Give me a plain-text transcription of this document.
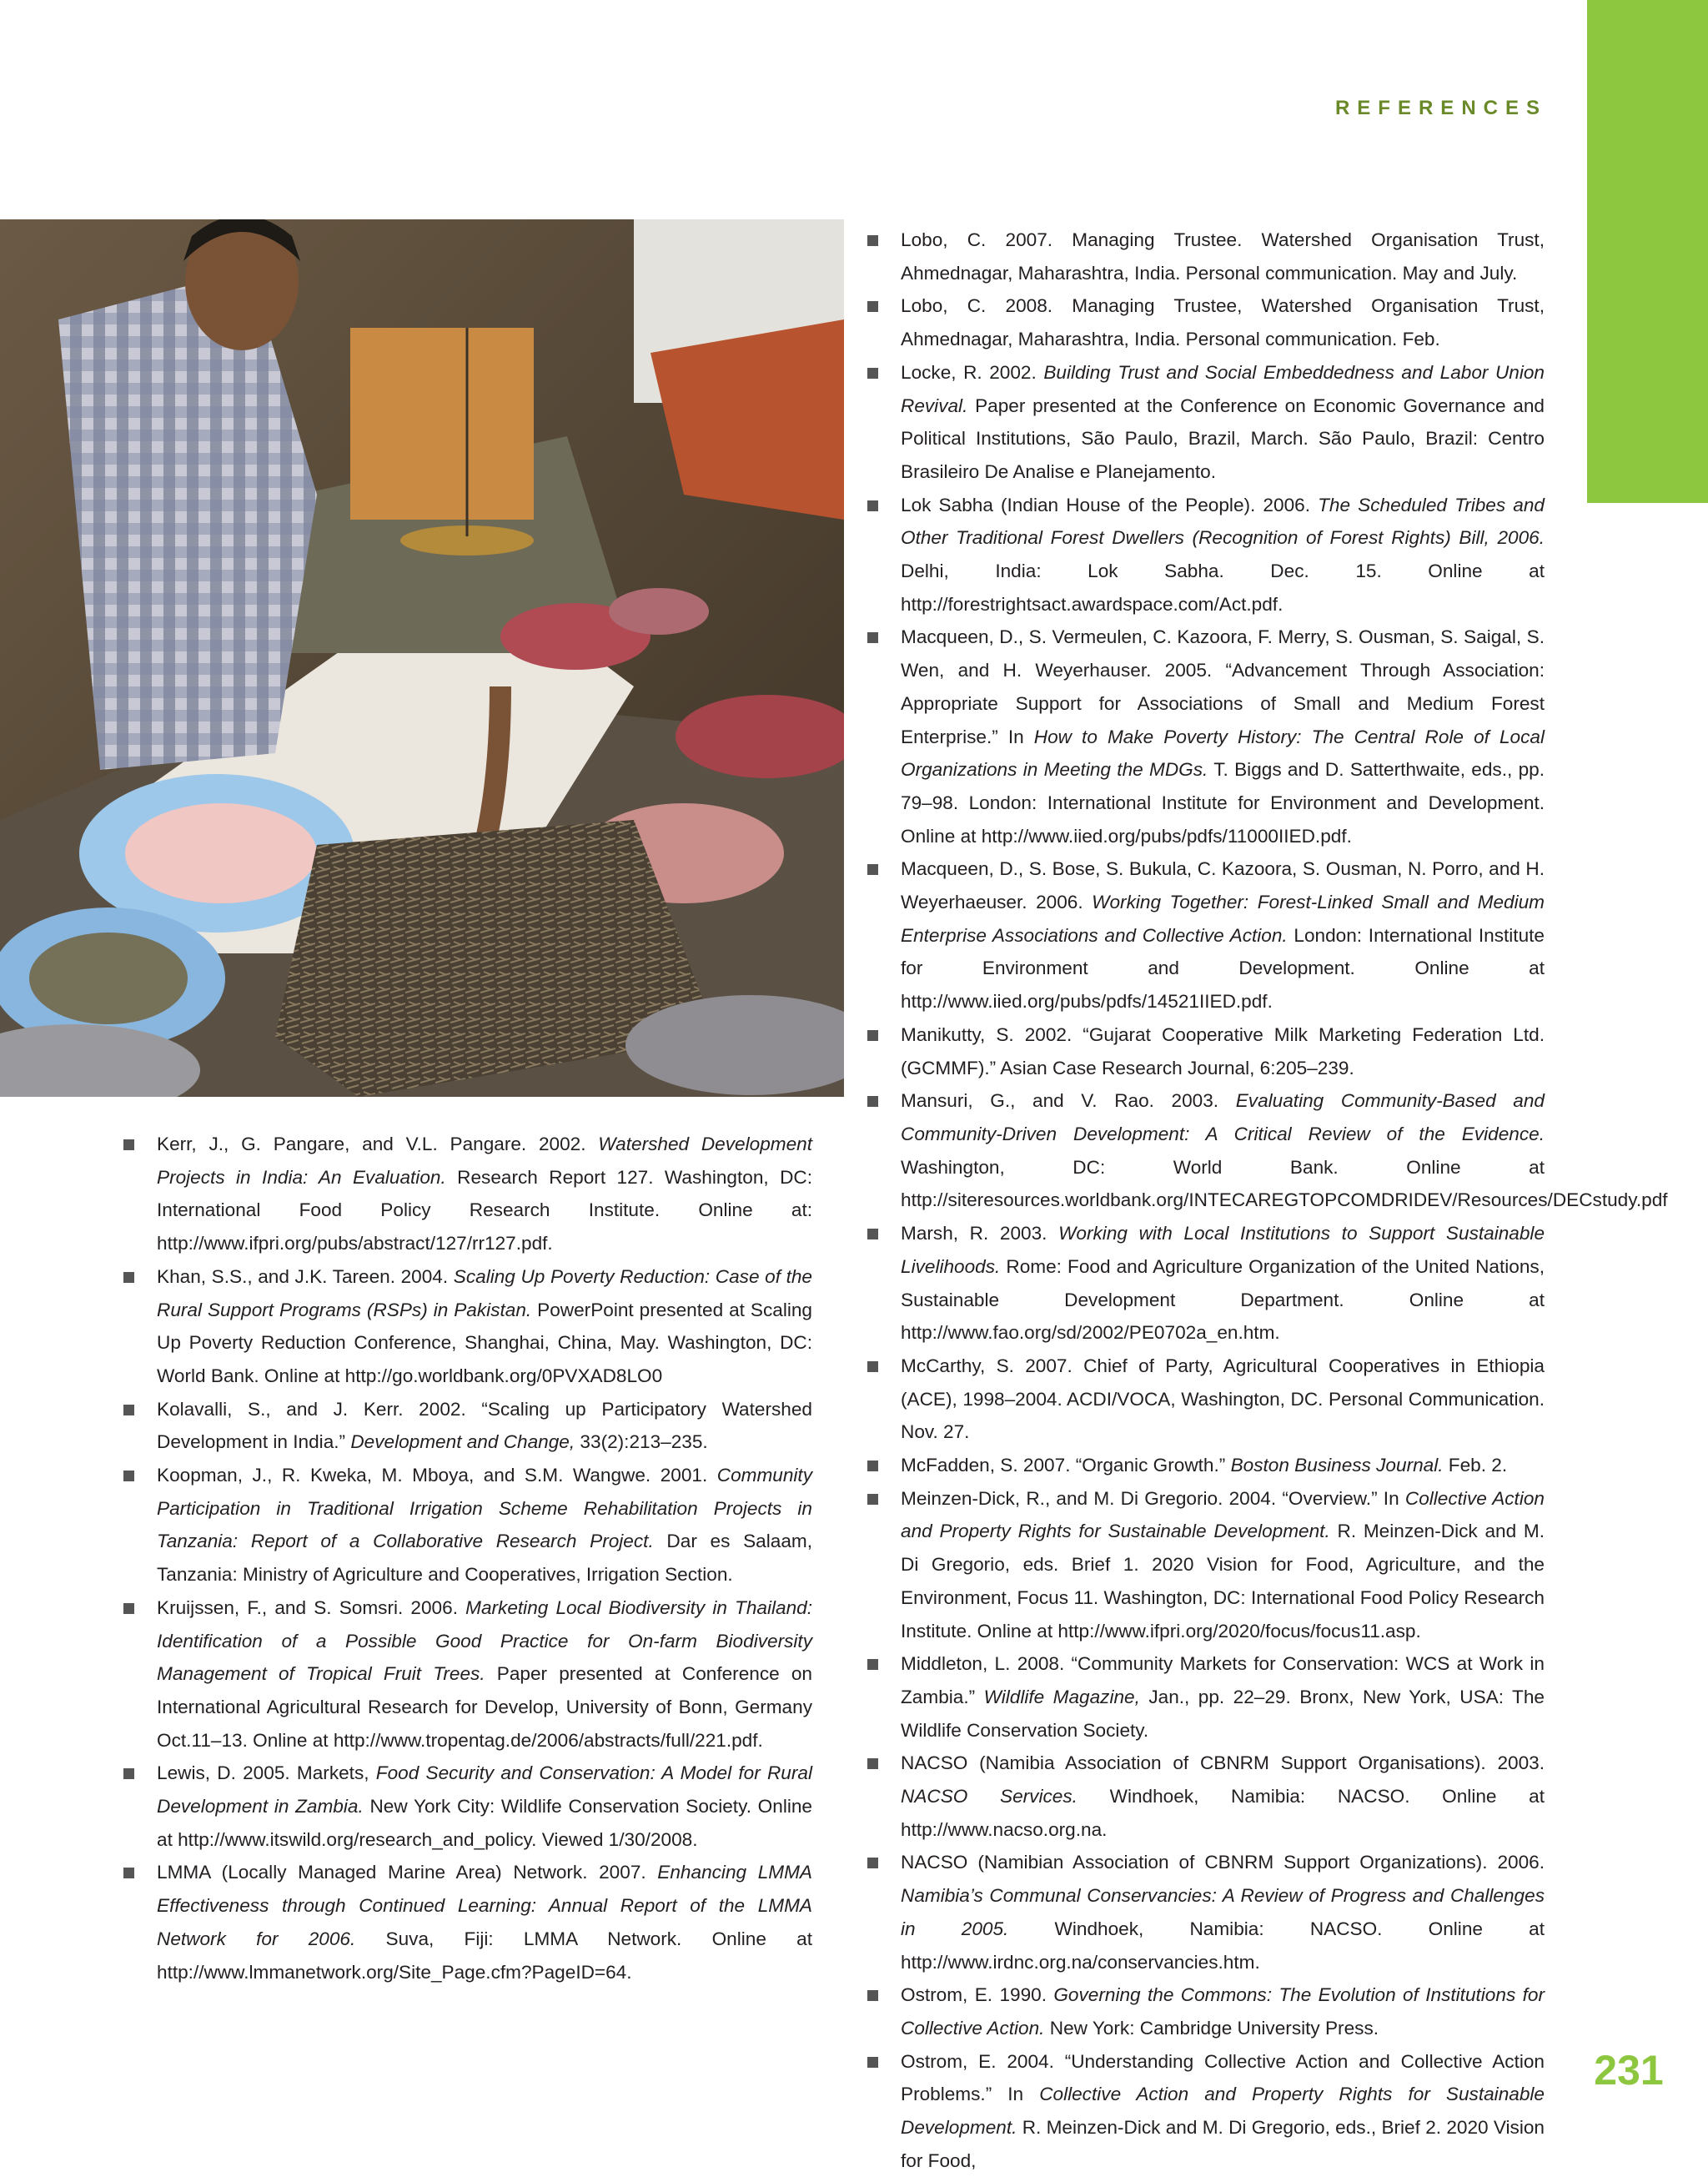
REFERENCES
Kerr, J., G. Pangare, and V.L. Pangare. 2002. Watershed Development Projects in India: An Evaluation. Research Report 127. Washington, DC: International Food Policy Research Institute. Online at: http://www.ifpri.org/pubs/abstract/127/rr127.pdf.
Khan, S.S., and J.K. Tareen. 2004. Scaling Up Poverty Reduction: Case of the Rural Support Programs (RSPs) in Pakistan. PowerPoint presented at Scaling Up Poverty Reduction Conference, Shanghai, China, May. Washington, DC: World Bank. Online at http://go.worldbank.org/0PVXAD8LO0
Kolavalli, S., and J. Kerr. 2002. “Scaling up Participatory Watershed Development in India.” Development and Change, 33(2):213–235.
Koopman, J., R. Kweka, M. Mboya, and S.M. Wangwe. 2001. Community Participation in Traditional Irrigation Scheme Rehabilitation Projects in Tanzania: Report of a Collaborative Research Project. Dar es Salaam, Tanzania: Ministry of Agriculture and Cooperatives, Irrigation Section.
Kruijssen, F., and S. Somsri. 2006. Marketing Local Biodiversity in Thailand: Identification of a Possible Good Practice for On-farm Biodiversity Management of Tropical Fruit Trees. Paper presented at Conference on International Agricultural Research for Develop, University of Bonn, Germany Oct.11–13. Online at http://www.tropentag.de/2006/abstracts/full/221.pdf.
Lewis, D. 2005. Markets, Food Security and Conservation: A Model for Rural Development in Zambia. New York City: Wildlife Conservation Society. Online at http://www.itswild.org/research_and_policy. Viewed 1/30/2008.
LMMA (Locally Managed Marine Area) Network. 2007. Enhancing LMMA Effectiveness through Continued Learning: Annual Report of the LMMA Network for 2006. Suva, Fiji: LMMA Network. Online at http://www.lmmanetwork.org/Site_Page.cfm?PageID=64.
Lobo, C. 2007. Managing Trustee. Watershed Organisation Trust, Ahmednagar, Maharashtra, India. Personal communication. May and July.
Lobo, C. 2008. Managing Trustee, Watershed Organisation Trust, Ahmednagar, Maharashtra, India. Personal communication. Feb.
Locke, R. 2002. Building Trust and Social Embeddedness and Labor Union Revival. Paper presented at the Conference on Economic Governance and Political Institutions, São Paulo, Brazil, March. São Paulo, Brazil: Centro Brasileiro De Analise e Planejamento.
Lok Sabha (Indian House of the People). 2006. The Scheduled Tribes and Other Traditional Forest Dwellers (Recognition of Forest Rights) Bill, 2006. Delhi, India: Lok Sabha. Dec. 15. Online at http://forestrightsact.awardspace.com/Act.pdf.
Macqueen, D., S. Vermeulen, C. Kazoora, F. Merry, S. Ousman, S. Saigal, S. Wen, and H. Weyerhauser. 2005. “Advancement Through Association: Appropriate Support for Associations of Small and Medium Forest Enterprise.” In How to Make Poverty History: The Central Role of Local Organizations in Meeting the MDGs. T. Biggs and D. Satterthwaite, eds., pp. 79–98. London: International Institute for Environment and Development. Online at http://www.iied.org/pubs/pdfs/11000IIED.pdf.
Macqueen, D., S. Bose, S. Bukula, C. Kazoora, S. Ousman, N. Porro, and H. Weyerhaeuser. 2006. Working Together: Forest-Linked Small and Medium Enterprise Associations and Collective Action. London: International Institute for Environment and Development. Online at http://www.iied.org/pubs/pdfs/14521IIED.pdf.
Manikutty, S. 2002. “Gujarat Cooperative Milk Marketing Federation Ltd. (GCMMF).” Asian Case Research Journal, 6:205–239.
Mansuri, G., and V. Rao. 2003. Evaluating Community-Based and Community-Driven Development: A Critical Review of the Evidence. Washington, DC: World Bank. Online at http://siteresources.worldbank.org/INTECAREGTOPCOMDRIDEV/Resources/DECstudy.pdf
Marsh, R. 2003. Working with Local Institutions to Support Sustainable Livelihoods. Rome: Food and Agriculture Organization of the United Nations, Sustainable Development Department. Online at http://www.fao.org/sd/2002/PE0702a_en.htm.
McCarthy, S. 2007. Chief of Party, Agricultural Cooperatives in Ethiopia (ACE), 1998–2004. ACDI/VOCA, Washington, DC. Personal Communication. Nov. 27.
McFadden, S. 2007. “Organic Growth.” Boston Business Journal. Feb. 2.
Meinzen-Dick, R., and M. Di Gregorio. 2004. “Overview.” In Collective Action and Property Rights for Sustainable Development. R. Meinzen-Dick and M. Di Gregorio, eds. Brief 1. 2020 Vision for Food, Agriculture, and the Environment, Focus 11. Washington, DC: International Food Policy Research Institute. Online at http://www.ifpri.org/2020/focus/focus11.asp.
Middleton, L. 2008. “Community Markets for Conservation: WCS at Work in Zambia.” Wildlife Magazine, Jan., pp. 22–29. Bronx, New York, USA: The Wildlife Conservation Society.
NACSO (Namibia Association of CBNRM Support Organisations). 2003. NACSO Services. Windhoek, Namibia: NACSO. Online at http://www.nacso.org.na.
NACSO (Namibian Association of CBNRM Support Organizations). 2006. Namibia’s Communal Conservancies: A Review of Progress and Challenges in 2005. Windhoek, Namibia: NACSO. Online at http://www.irdnc.org.na/conservancies.htm.
Ostrom, E. 1990. Governing the Commons: The Evolution of Institutions for Collective Action. New York: Cambridge University Press.
Ostrom, E. 2004. “Understanding Collective Action and Collective Action Problems.” In Collective Action and Property Rights for Sustainable Development. R. Meinzen-Dick and M. Di Gregorio, eds., Brief 2. 2020 Vision for Food,
231
